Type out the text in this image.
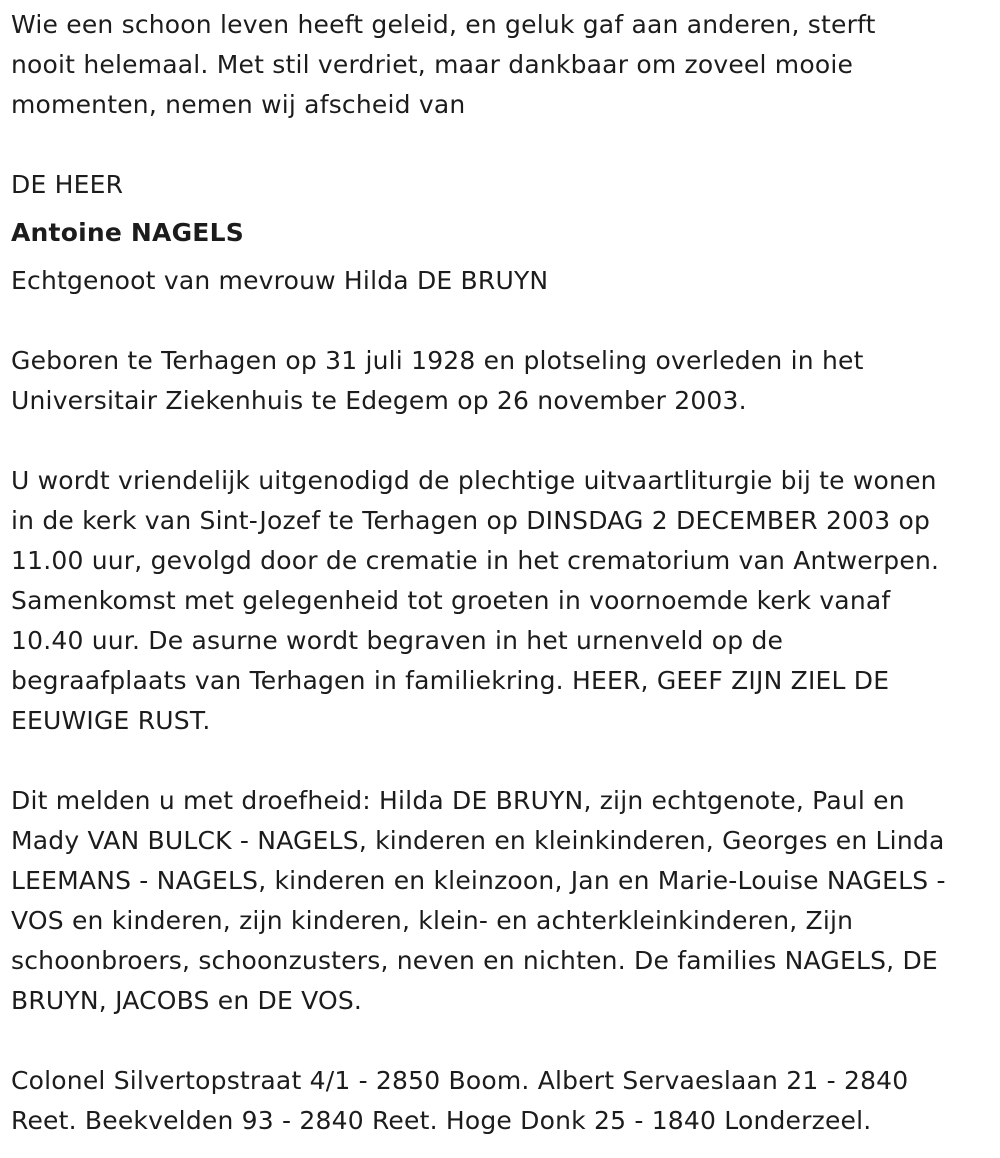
Wie een schoon leven heeft geleid, en geluk gaf aan anderen, sterft
nooit helemaal. Met stil verdriet, maar dankbaar om zoveel mooie
momenten, nemen wij afscheid van

DE HEER

Antoine NAGELS

Echtgenoot van mevrouw Hilda DE BRUYN

Geboren te Terhagen op 31 juli 1928 en plotseling overleden in het
Universitair Ziekenhuis te Edegem op 26 november 2003.

U wordt vriendelijk uitgenodigd de plechtige uitvaartliturgie bij te wonen
in de kerk van Sint-Jozef te Terhagen op DINSDAG 2 DECEMBER 2003 op
11.00 uur, gevolgd door de crematie in het crematorium van Antwerpen.
Samenkomst met gelegenheid tot groeten in voornoemde kerk vanaf
10.40 uur. De asurne wordt begraven in het urnenveld op de
begraafplaats van Terhagen in familiekring. HEER, GEEF ZIJN ZIEL DE
EEUWIGE RUST.

Dit melden u met droefheid: Hilda DE BRUYN, zijn echtgenote, Paul en
Mady VAN BULCK - NAGELS, kinderen en kleinkinderen, Georges en Linda
LEEMANS - NAGELS, kinderen en kleinzoon, Jan en Marie-Louise NAGELS -
VOS en kinderen, zijn kinderen, klein- en achterkleinkinderen, Zijn
schoonbroers, schoonzusters, neven en nichten. De families NAGELS, DE
BRUYN, JACOBS en DE VOS.

Colonel Silvertopstraat 4/1 - 2850 Boom. Albert Servaeslaan 21 - 2840
Reet. Beekvelden 93 - 2840 Reet. Hoge Donk 25 - 1840 Londerzeel.
